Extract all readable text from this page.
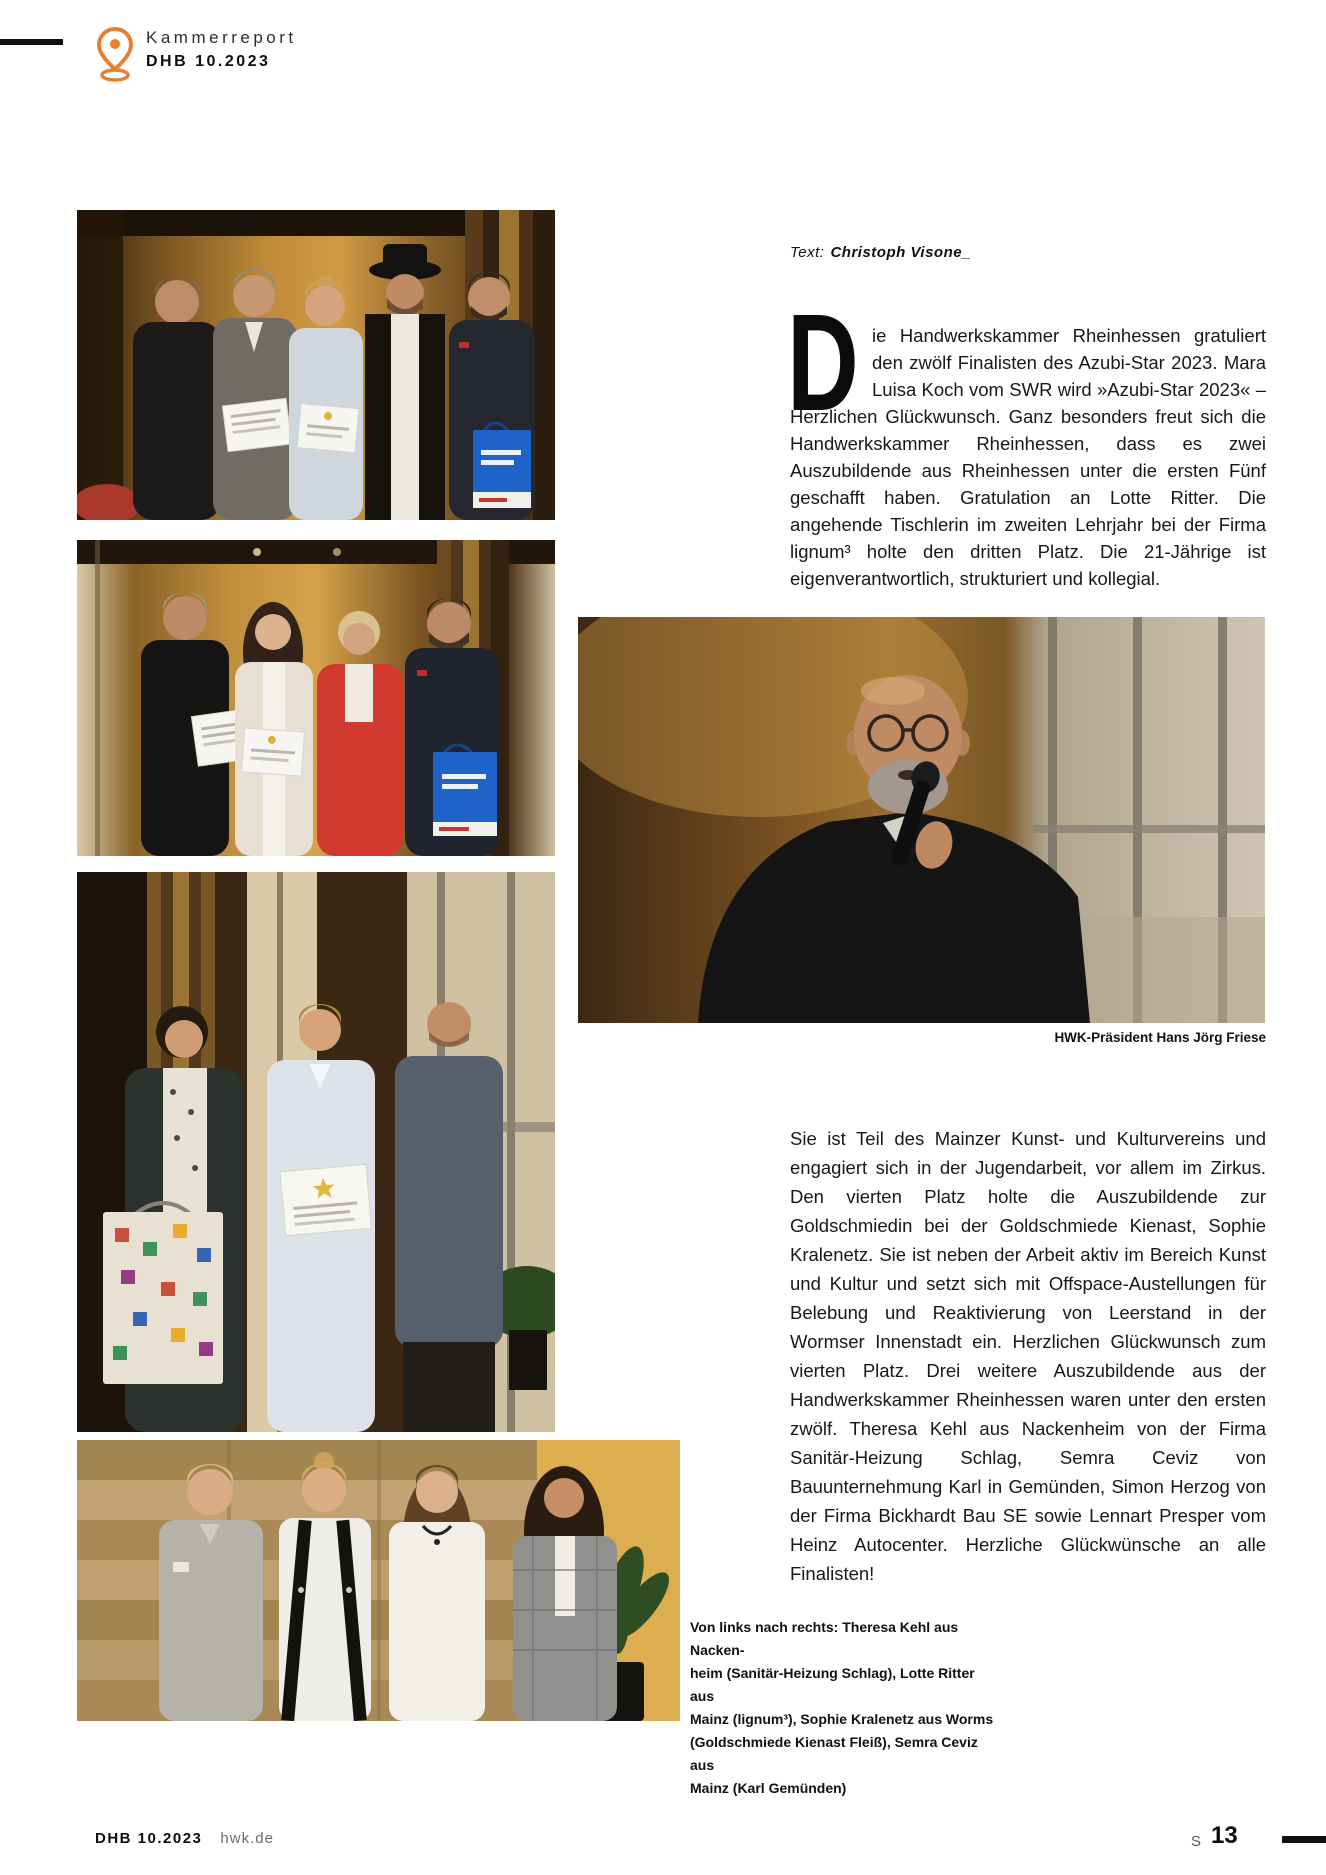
Kammerreport
DHB 10.2023
HWK-Präsident Hans Jörg Friese
Text: Christoph Visone_
D ie Handwerkskammer Rheinhessen gratuliert den zwölf Finalisten des Azubi-Star 2023. Mara Luisa Koch vom SWR wird »Azubi-Star 2023« – Herzlichen Glückwunsch. Ganz besonders freut sich die Handwerkskammer Rheinhessen, dass es zwei Auszubildende aus Rheinhessen unter die ersten Fünf geschafft haben. Gratulation an Lotte Ritter. Die angehende Tischlerin im zweiten Lehrjahr bei der Firma lignum³ holte den dritten Platz. Die 21-Jährige ist eigenverantwortlich, strukturiert und kollegial.
Sie ist Teil des Mainzer Kunst- und Kulturvereins und engagiert sich in der Jugendarbeit, vor allem im Zirkus. Den vierten Platz holte die Auszubildende zur Goldschmiedin bei der Goldschmiede Kienast, Sophie Kralenetz. Sie ist neben der Arbeit aktiv im Bereich Kunst und Kultur und setzt sich mit Offspace-Austellungen für Belebung und Reaktivierung von Leerstand in der Wormser Innenstadt ein. Herzlichen Glückwunsch zum vierten Platz. Drei weitere Auszubildende aus der Handwerkskammer Rheinhessen waren unter den ersten zwölf. Theresa Kehl aus Nackenheim von der Firma Sanitär-Heizung Schlag, Semra Ceviz von Bauunternehmung Karl in Gemünden, Simon Herzog von der Firma Bickhardt Bau SE sowie Lennart Presper vom Heinz Autocenter. Herzliche Glückwünsche an alle Finalisten!
Von links nach rechts: Theresa Kehl aus Nacken-
heim (Sanitär-Heizung Schlag), Lotte Ritter aus
Mainz (lignum³), Sophie Kralenetz aus Worms
(Goldschmiede Kienast Fleiß), Semra Ceviz aus
Mainz (Karl Gemünden)
DHB 10.2023 hwk.de	S 13
